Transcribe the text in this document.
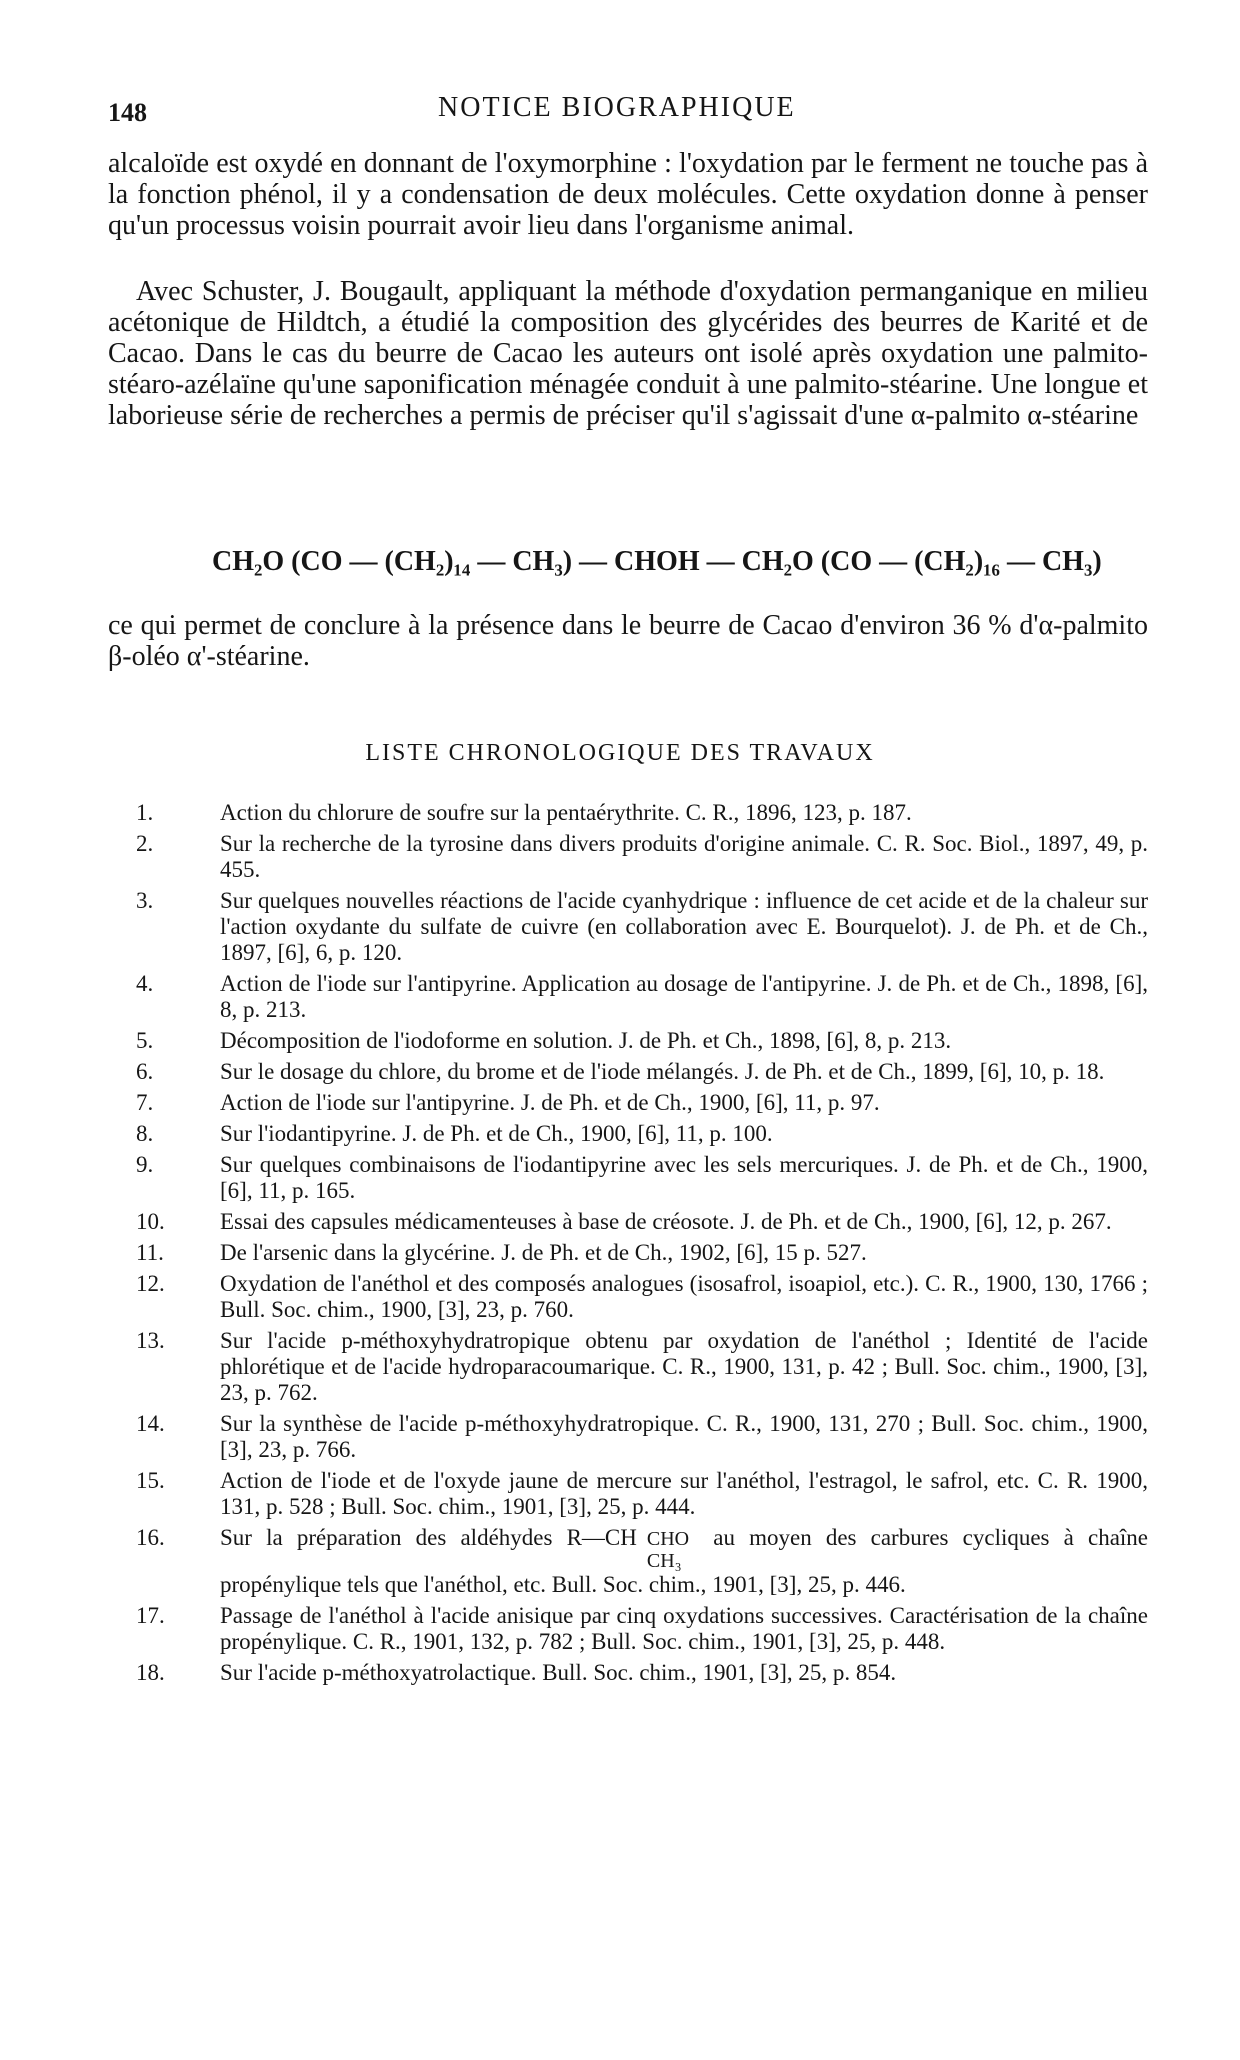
148	NOTICE BIOGRAPHIQUE

alcaloïde est oxydé en donnant de l'oxymorphine : l'oxydation par le ferment ne touche pas à la fonction phénol, il y a condensation de deux molécules. Cette oxydation donne à penser qu'un processus voisin pourrait avoir lieu dans l'organisme animal.

Avec Schuster, J. Bougault, appliquant la méthode d'oxydation permanganique en milieu acétonique de Hildtch, a étudié la composition des glycérides des beurres de Karité et de Cacao. Dans le cas du beurre de Cacao les auteurs ont isolé après oxydation une palmito-stéaro-azélaïne qu'une saponification ménagée conduit à une palmito-stéarine. Une longue et laborieuse série de recherches a permis de préciser qu'il s'agissait d'une α-palmito α-stéarine

CH₂O (CO — (CH₂)₁₄ — CH₃) — CHOH — CH₂O (CO — (CH₂)₁₆ — CH₃)

ce qui permet de conclure à la présence dans le beurre de Cacao d'environ 36 % d'α-palmito β-oléo α'-stéarine.

LISTE CHRONOLOGIQUE DES TRAVAUX
1.	Action du chlorure de soufre sur la pentaérythrite. C. R., 1896, 123, p. 187.
2.	Sur la recherche de la tyrosine dans divers produits d'origine animale. C. R. Soc. Biol., 1897, 49, p. 455.
3.	Sur quelques nouvelles réactions de l'acide cyanhydrique : influence de cet acide et de la chaleur sur l'action oxydante du sulfate de cuivre (en collaboration avec E. Bourquelot). J. de Ph. et de Ch., 1897, [6], 6, p. 120.
4.	Action de l'iode sur l'antipyrine. Application au dosage de l'antipyrine. J. de Ph. et de Ch., 1898, [6], 8, p. 213.
5.	Décomposition de l'iodoforme en solution. J. de Ph. et Ch., 1898, [6], 8, p. 213.
6.	Sur le dosage du chlore, du brome et de l'iode mélangés. J. de Ph. et de Ch., 1899, [6], 10, p. 18.
7.	Action de l'iode sur l'antipyrine. J. de Ph. et de Ch., 1900, [6], 11, p. 97.
8.	Sur l'iodantipyrine. J. de Ph. et de Ch., 1900, [6], 11, p. 100.
9.	Sur quelques combinaisons de l'iodantipyrine avec les sels mercuriques. J. de Ph. et de Ch., 1900, [6], 11, p. 165.
10.	Essai des capsules médicamenteuses à base de créosote. J. de Ph. et de Ch., 1900, [6], 12, p. 267.
11.	De l'arsenic dans la glycérine. J. de Ph. et de Ch., 1902, [6], 15 p. 527.
12.	Oxydation de l'anéthol et des composés analogues (isosafrol, isoapiol, etc.). C. R., 1900, 130, 1766 ; Bull. Soc. chim., 1900, [3], 23, p. 760.
13.	Sur l'acide p-méthoxyhydratropique obtenu par oxydation de l'anéthol ; Identité de l'acide phlorétique et de l'acide hydroparacoumarique. C. R., 1900, 131, p. 42 ; Bull. Soc. chim., 1900, [3], 23, p. 762.
14.	Sur la synthèse de l'acide p-méthoxyhydratropique. C. R., 1900, 131, 270 ; Bull. Soc. chim., 1900, [3], 23, p. 766.
15.	Action de l'iode et de l'oxyde jaune de mercure sur l'anéthol, l'estragol, le safrol, etc. C. R. 1900, 131, p. 528 ; Bull. Soc. chim., 1901, [3], 25, p. 444.
16.	Sur la préparation des aldéhydes R—CH CHO
CH₃
au moyen des carbures cycliques à chaîne propénylique tels que l'anéthol, etc. Bull. Soc. chim., 1901, [3], 25, p. 446.
17.	Passage de l'anéthol à l'acide anisique par cinq oxydations successives. Caractérisation de la chaîne propénylique. C. R., 1901, 132, p. 782 ; Bull. Soc. chim., 1901, [3], 25, p. 448.
18.	Sur l'acide p-méthoxyatrolactique. Bull. Soc. chim., 1901, [3], 25, p. 854.
